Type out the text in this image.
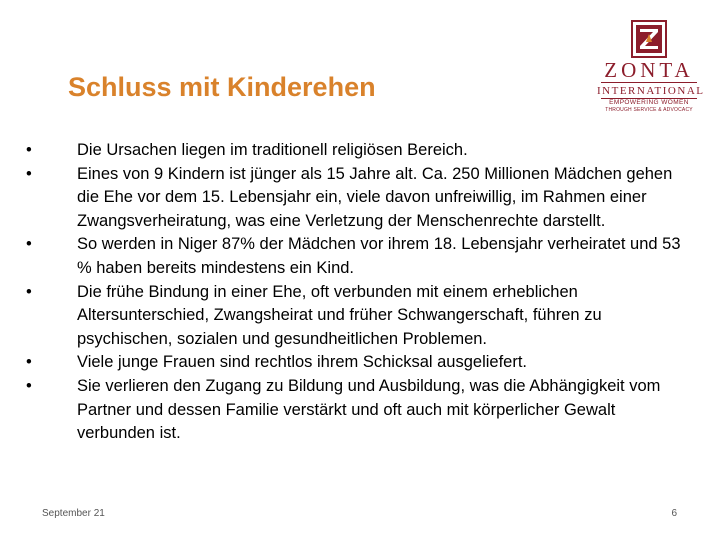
Schluss mit Kinderehen
ZONTA
INTERNATIONAL
EMPOWERING WOMEN
THROUGH SERVICE & ADVOCACY
•	Die Ursachen liegen im traditionell religiösen Bereich.
•	Eines von 9 Kindern ist jünger als 15 Jahre alt. Ca. 250 Millionen Mädchen gehen die Ehe vor dem 15. Lebensjahr ein, viele davon unfreiwillig, im Rahmen einer Zwangsverheiratung, was eine Verletzung der Menschenrechte darstellt.
•	So werden in Niger 87% der Mädchen vor ihrem 18. Lebensjahr verheiratet und 53 % haben bereits mindestens ein Kind.
•	Die frühe Bindung in einer Ehe, oft verbunden mit einem erheblichen Altersunterschied, Zwangsheirat und früher Schwangerschaft, führen zu psychischen, sozialen und gesundheitlichen Problemen.
•	Viele junge Frauen sind rechtlos ihrem Schicksal ausgeliefert.
•	Sie verlieren den Zugang zu Bildung und Ausbildung, was die Abhängigkeit vom Partner und dessen Familie verstärkt und oft auch mit körperlicher Gewalt verbunden ist.
September 21	6
